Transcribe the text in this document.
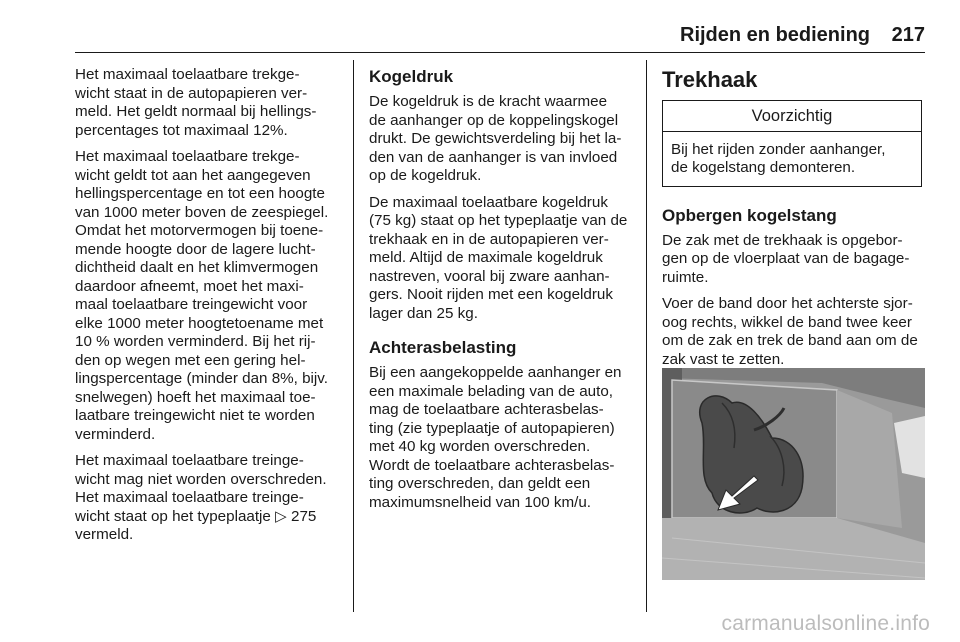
Rijden en bediening	217

Het maximaal toelaatbare trekge-
wicht staat in de autopapieren ver-
meld. Het geldt normaal bij hellings-
percentages tot maximaal 12%.

Het maximaal toelaatbare trekge-
wicht geldt tot aan het aangegeven
hellingspercentage en tot een hoogte
van 1000 meter boven de zeespiegel.
Omdat het motorvermogen bij toene-
mende hoogte door de lagere lucht-
dichtheid daalt en het klimvermogen
daardoor afneemt, moet het maxi-
maal toelaatbare treingewicht voor
elke 1000 meter hoogtetoename met
10 % worden verminderd. Bij het rij-
den op wegen met een gering hel-
lingspercentage (minder dan 8%, bijv.
snelwegen) hoeft het maximaal toe-
laatbare treingewicht niet te worden
verminderd.

Het maximaal toelaatbare treinge-
wicht mag niet worden overschreden.
Het maximaal toelaatbare treinge-
wicht staat op het typeplaatje ▷ 275
vermeld.

Kogeldruk

De kogeldruk is de kracht waarmee
de aanhanger op de koppelingskogel
drukt. De gewichtsverdeling bij het la-
den van de aanhanger is van invloed
op de kogeldruk.

De maximaal toelaatbare kogeldruk
(75 kg) staat op het typeplaatje van de
trekhaak en in de autopapieren ver-
meld. Altijd de maximale kogeldruk
nastreven, vooral bij zware aanhan-
gers. Nooit rijden met een kogeldruk
lager dan 25 kg.

Achterasbelasting

Bij een aangekoppelde aanhanger en
een maximale belading van de auto,
mag de toelaatbare achterasbelas-
ting (zie typeplaatje of autopapieren)
met 40 kg worden overschreden.
Wordt de toelaatbare achterasbelas-
ting overschreden, dan geldt een
maximumsnelheid van 100 km/u.

Trekhaak
Voorzichtig
Bij het rijden zonder aanhanger,
de kogelstang demonteren.
Opbergen kogelstang

De zak met de trekhaak is opgebor-
gen op de vloerplaat van de bagage-
ruimte.

Voer de band door het achterste sjor-
oog rechts, wikkel de band twee keer
om de zak en trek de band aan om de
zak vast te zetten.

carmanualsonline.info
